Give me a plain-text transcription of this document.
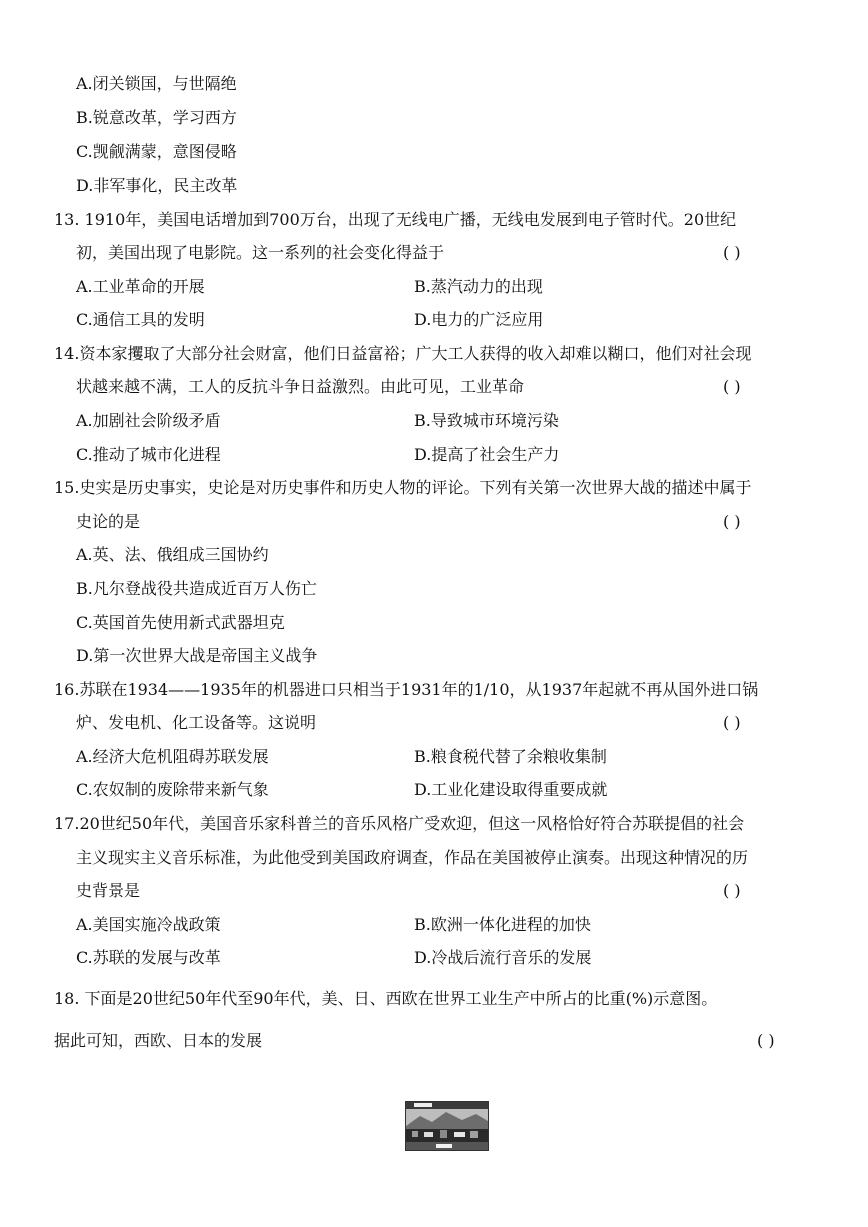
A.闭关锁国，与世隔绝
B.锐意改革，学习西方
C.觊觎满蒙，意图侵略
D.非军事化，民主改革
13. 1910年，美国电话增加到700万台，出现了无线电广播，无线电发展到电子管时代。20世纪
初，美国出现了电影院。这一系列的社会变化得益于	( )
A.工业革命的开展	B.蒸汽动力的出现
C.通信工具的发明	D.电力的广泛应用
14.资本家攫取了大部分社会财富，他们日益富裕；广大工人获得的收入却难以糊口，他们对社会现
状越来越不满，工人的反抗斗争日益激烈。由此可见，工业革命	( )
A.加剧社会阶级矛盾	B.导致城市环境污染
C.推动了城市化进程	D.提高了社会生产力
15.史实是历史事实，史论是对历史事件和历史人物的评论。下列有关第一次世界大战的描述中属于
史论的是	( )
A.英、法、俄组成三国协约
B.凡尔登战役共造成近百万人伤亡
C.英国首先使用新式武器坦克
D.第一次世界大战是帝国主义战争
16.苏联在1934——1935年的机器进口只相当于1931年的1/10，从1937年起就不再从国外进口锅
炉、发电机、化工设备等。这说明	( )
A.经济大危机阻碍苏联发展	B.粮食税代替了余粮收集制
C.农奴制的废除带来新气象	D.工业化建设取得重要成就
17.20世纪50年代，美国音乐家科普兰的音乐风格广受欢迎，但这一风格恰好符合苏联提倡的社会
主义现实主义音乐标准，为此他受到美国政府调查，作品在美国被停止演奏。出现这种情况的历
史背景是	( )
A.美国实施冷战政策	B.欧洲一体化进程的加快
C.苏联的发展与改革	D.冷战后流行音乐的发展
18. 下面是20世纪50年代至90年代，美、日、西欧在世界工业生产中所占的比重(%)示意图。
据此可知，西欧、日本的发展	( )
